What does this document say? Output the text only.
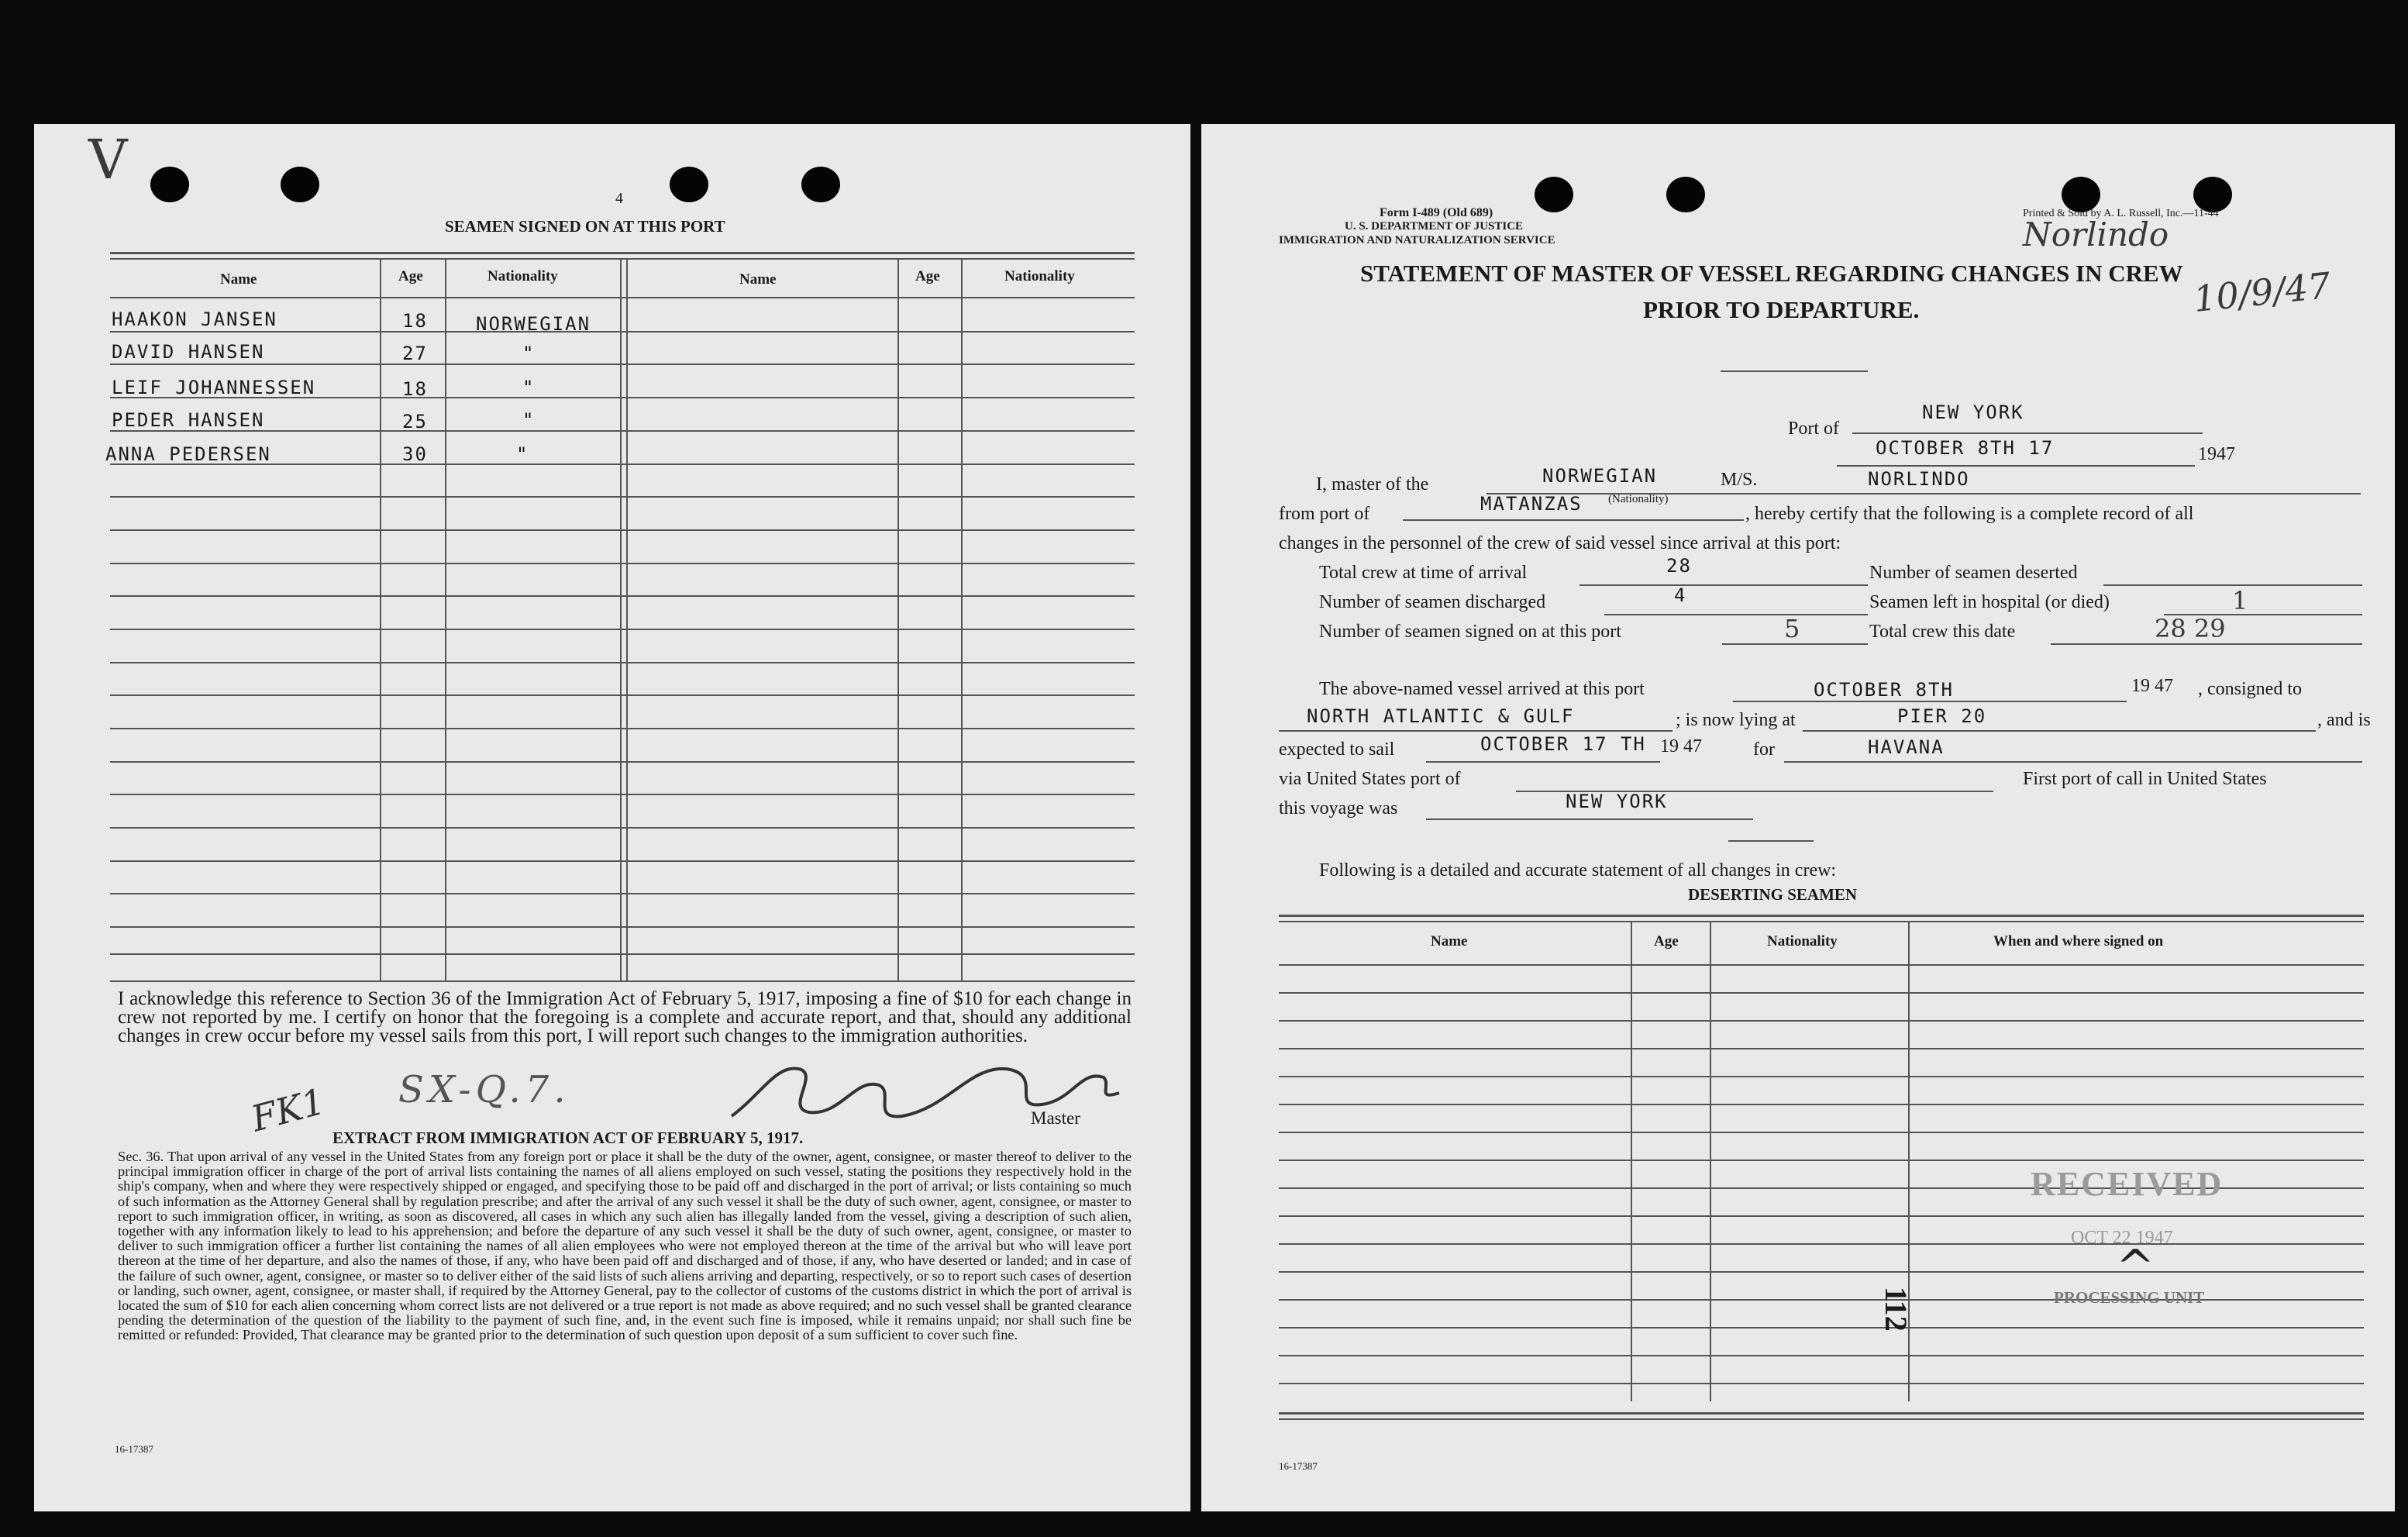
V
4
SEAMEN SIGNED ON AT THIS PORT
Name	Age	Nationality	Name	Age	Nationality
HAAKON JANSEN	18	NORWEGIAN
DAVID HANSEN	27	"
LEIF JOHANNESSEN	18	"
PEDER HANSEN	25	"
ANNA PEDERSEN	30	"
I acknowledge this reference to Section 36 of the Immigration Act of February 5, 1917, imposing a fine of $10 for each change in crew not reported by me. I certify on honor that the foregoing is a complete and accurate report, and that, should any additional changes in crew occur before my vessel sails from this port, I will report such changes to the immigration authorities.
SX-Q.7.
FK1	Master
EXTRACT FROM IMMIGRATION ACT OF FEBRUARY 5, 1917.
Sec. 36. That upon arrival of any vessel in the United States from any foreign port or place it shall be the duty of the owner, agent, consignee, or master thereof to deliver to the principal immigration officer in charge of the port of arrival lists containing the names of all aliens employed on such vessel, stating the positions they respectively hold in the ship's company, when and where they were respectively shipped or engaged, and specifying those to be paid off and discharged in the port of arrival; or lists containing so much of such information as the Attorney General shall by regulation prescribe; and after the arrival of any such vessel it shall be the duty of such owner, agent, consignee, or master to report to such immigration officer, in writing, as soon as discovered, all cases in which any such alien has illegally landed from the vessel, giving a description of such alien, together with any information likely to lead to his apprehension; and before the departure of any such vessel it shall be the duty of such owner, agent, consignee, or master to deliver to such immigration officer a further list containing the names of all alien employees who were not employed thereon at the time of the arrival but who will leave port thereon at the time of her departure, and also the names of those, if any, who have been paid off and discharged and of those, if any, who have deserted or landed; and in case of the failure of such owner, agent, consignee, or master so to deliver either of the said lists of such aliens arriving and departing, respectively, or so to report such cases of desertion or landing, such owner, agent, consignee, or master shall, if required by the Attorney General, pay to the collector of customs of the customs district in which the port of arrival is located the sum of $10 for each alien concerning whom correct lists are not delivered or a true report is not made as above required; and no such vessel shall be granted clearance pending the determination of the question of the liability to the payment of such fine, and, in the event such fine is imposed, while it remains unpaid; nor shall such fine be remitted or refunded: Provided, That clearance may be granted prior to the determination of such question upon deposit of a sum sufficient to cover such fine.
16-17387
Form I-489 (Old 689)
U. S. DEPARTMENT OF JUSTICE
IMMIGRATION AND NATURALIZATION SERVICE
Printed & Sold by A. L. Russell, Inc.—11-44
Norlindo
10/9/47
STATEMENT OF MASTER OF VESSEL REGARDING CHANGES IN CREW
PRIOR TO DEPARTURE.
Port of
NEW YORK
OCTOBER 8TH 17	1947
I, master of the	NORWEGIAN	M/S.	NORLINDO
from port of	MATANZAS (Nationality)
, hereby certify that the following is a complete record of all
changes in the personnel of the crew of said vessel since arrival at this port:
Total crew at time of arrival	28
Number of seamen discharged	4
Number of seamen signed on at this port	5
Number of seamen deserted
Seamen left in hospital (or died)	1
Total crew this date	28 29
The above-named vessel arrived at this port	OCTOBER 8TH	19 47 , consigned to
NORTH ATLANTIC & GULF	; is now lying at	PIER 20	, and is
expected to sail	OCTOBER 17 TH 19 47	for	HAVANA
via United States port of	First port of call in United States
this voyage was	NEW YORK
Following is a detailed and accurate statement of all changes in crew:
DESERTING SEAMEN
Name	Age	Nationality	When and where signed on
RECEIVED
OCT 22 1947
^
PROCESSING UNIT
112
16-17387
